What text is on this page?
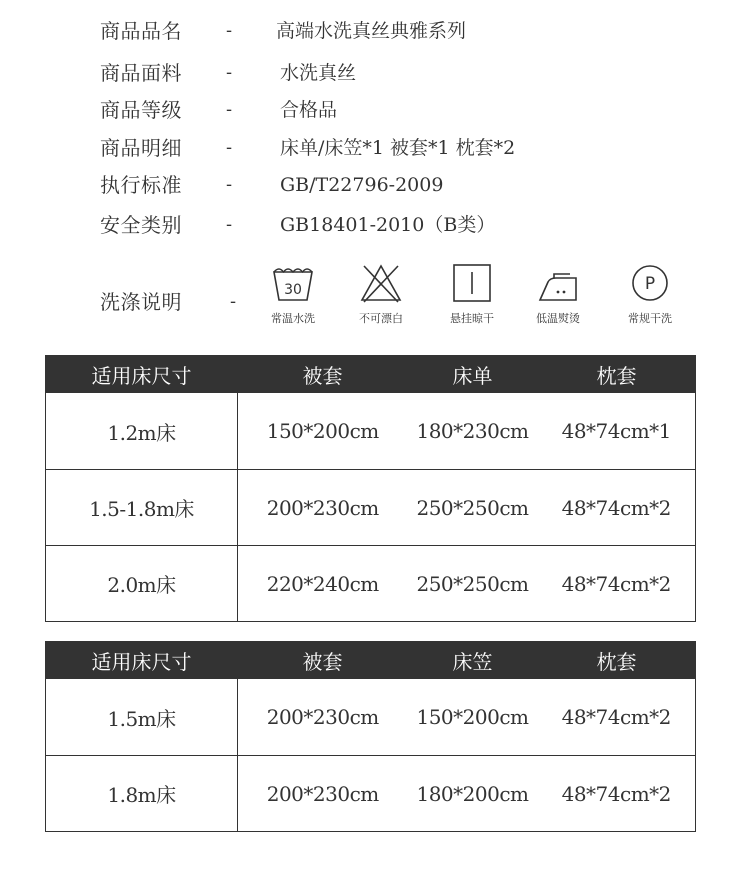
商品品名 - 高端水洗真丝典雅系列
商品面料 -	水洗真丝
商品等级 -	合格品
商品明细 -	床单/床笠*1 被套*1 枕套*2
执行标准 -	GB/T22796-2009
安全类别 -	GB18401-2010（B类）
洗涤说明	-
30
常温水洗	不可漂白	悬挂晾干	低温熨烫
P
常规干洗
适用床尺寸	被套	床单	枕套
1.2m床	150*200cm	180*230cm	48*74cm*1
1.5-1.8m床	200*230cm	250*250cm	48*74cm*2
2.0m床	220*240cm	250*250cm	48*74cm*2
适用床尺寸	被套	床笠	枕套
1.5m床	200*230cm	150*200cm	48*74cm*2
1.8m床	200*230cm	180*200cm	48*74cm*2
